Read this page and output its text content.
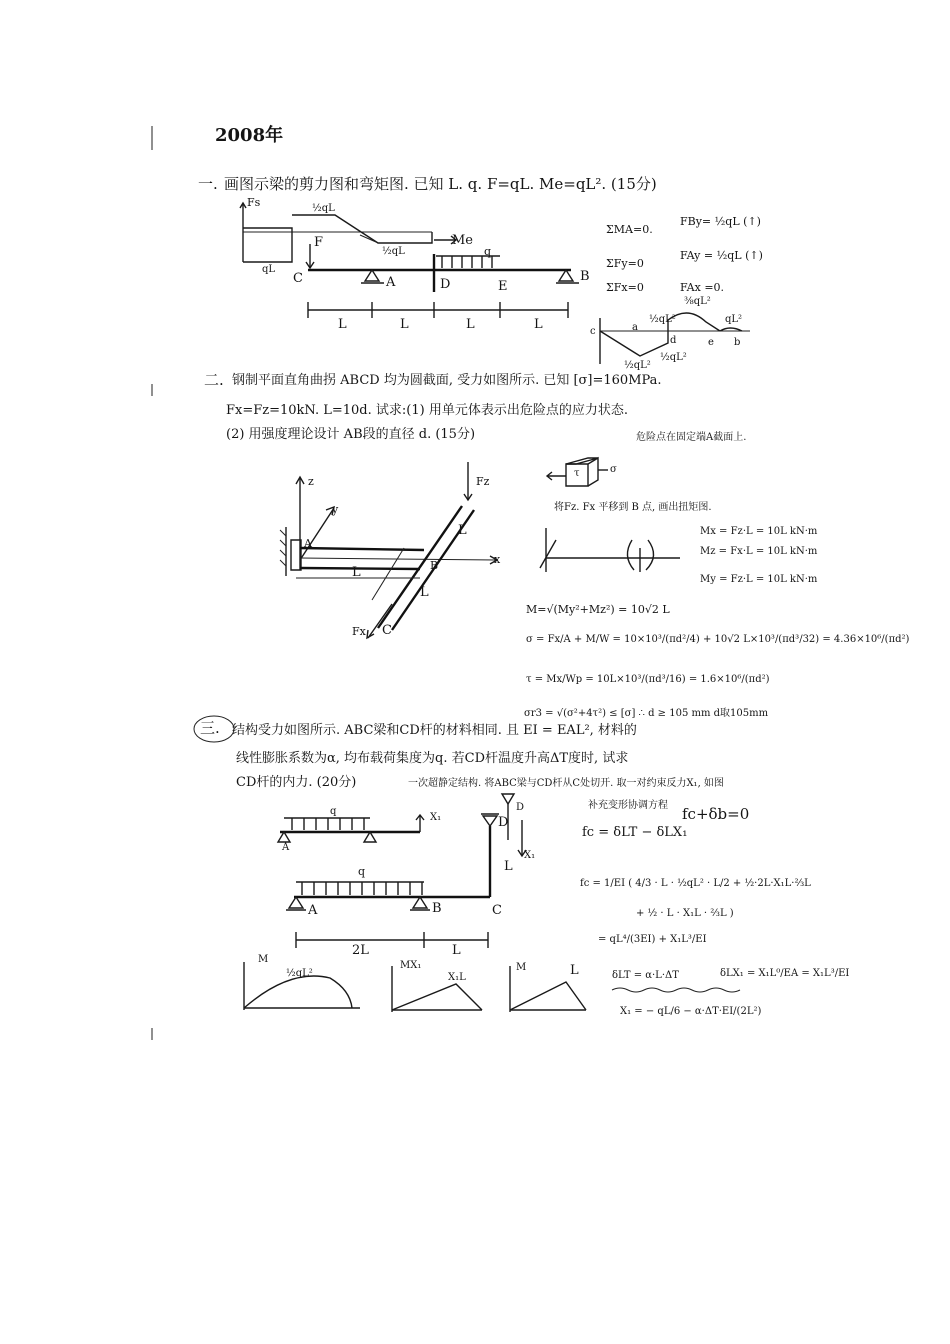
2008年
一. 画图示梁的剪力图和弯矩图. 已知 L. q. F=qL. Me=qL². (15分)
Fs	½qL
qL
½qL
F	Me
q
C	A	D	E
B
L	L	L	L
ΣMA=0.
FBy= ½qL (↑)
ΣFy=0
FAy = ½qL (↑)
ΣFx=0	FAx =0.
c	a
d	e b
½qL²
⅜qL²
qL²
½qL²
½qL²
二. 钢制平面直角曲拐 ABCD 均为圆截面, 受力如图所示. 已知 [σ]=160MPa.
Fx=Fz=10kN. L=10d. 试求:(1) 用单元体表示出危险点的应力状态.
(2) 用强度理论设计 AB段的直径 d. (15分)	危险点在固定端A截面上.
z
y
x
A
B
C
Fz
Fx
L
L
L
τ	σ
将Fz. Fx 平移到 B 点, 画出扭矩图.
Mx = Fz·L = 10L kN·m
Mz = Fx·L = 10L kN·m
My = Fz·L = 10L kN·m
M=√(My²+Mz²) = 10√2 L
σ = Fx/A + M/W = 10×10³/(πd²/4) + 10√2 L×10³/(πd³/32) = 4.36×10⁶/(πd²)
τ = Mx/Wp = 10L×10³/(πd³/16) = 1.6×10⁶/(πd²)
σr3 = √(σ²+4τ²) ≤ [σ] ∴ d ≥ 105 mm d取105mm
三. 结构受力如图所示. ABC梁和CD杆的材料相同. 且 EI = EAL², 材料的
线性膨胀系数为α, 均布载荷集度为q. 若CD杆温度升高ΔT度时, 试求
CD杆的内力. (20分)	一次超静定结构. 将ABC梁与CD杆从C处切开. 取一对约束反力X₁, 如图
q
A
X₁
D
X₁
q
A	B	C
D
L
2L	L
M
½qL²
MX₁
X₁L
M	L
补充变形协调方程 fc+δb=0
fc = δLT − δLX₁
fc = 1/EI ( 4/3 · L · ½qL² · L/2 + ½·2L·X₁L·⅔L
+ ½ · L · X₁L · ⅔L )
= qL⁴/(3EI) + X₁L³/EI
δLT = α·L·ΔT	δLX₁ = X₁L⁰/EA = X₁L³/EI
X₁ = − qL/6 − α·ΔT·EI/(2L²)
